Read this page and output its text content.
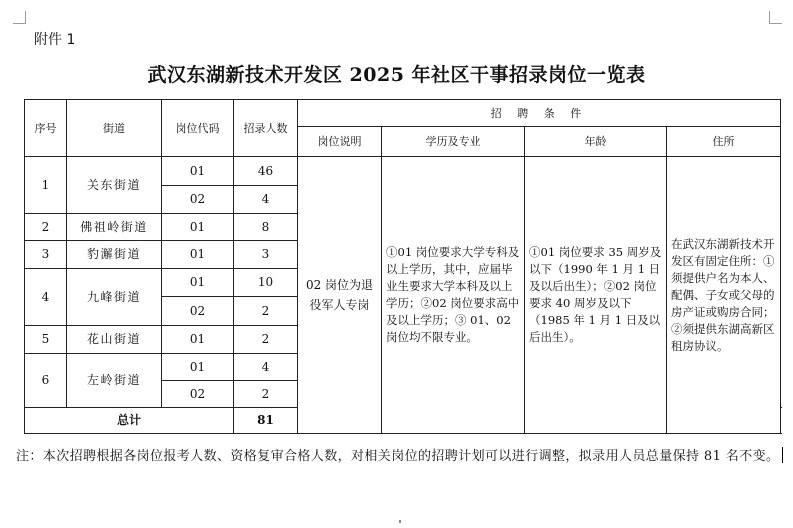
附件 1
武汉东湖新技术开发区 2025 年社区干事招录岗位一览表
序号	街道	岗位代码	招录人数	招 聘 条 件				
				岗位说明	学历及专业	年龄	住所	
1	关东街道	01	46	02 岗位为退役军人专岗	①01 岗位要求大学专科及以上学历，其中，应届毕业生要求大学本科及以上学历；②02 岗位要求高中及以上学历；③ 01、02 岗位均不限专业。	①01 岗位要求 35 周岁及以下（1990 年 1 月 1 日及以后出生）；②02 岗位要求 40 周岁及以下（1985 年 1 月 1 日及以后出生）。	在武汉东湖新技术开发区有固定住所：①须提供户名为本人、配偶、子女或父母的房产证或购房合同；②须提供东湖高新区租房协议。	
		02	4					
2	佛祖岭街道	01	8					
3	豹澥街道	01	3					
4	九峰街道	01	10					
		02	2					
5	花山街道	01	2					
6	左岭街道	01	4					
		02	2					
总计			81					
注：本次招聘根据各岗位报考人数、资格复审合格人数，对相关岗位的招聘计划可以进行调整，拟录用人员总量保持 81 名不变。
